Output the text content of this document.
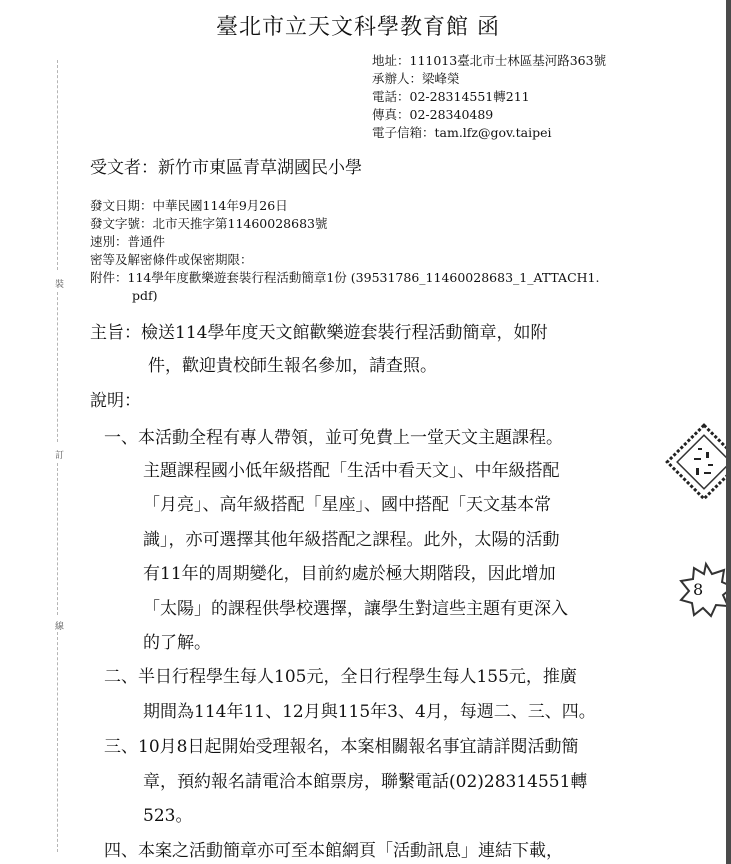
臺北市立天文科學教育館 函
地址：111013臺北市士林區基河路363號
承辦人：梁峰榮
電話：02-28314551轉211
傳真：02-28340489
電子信箱：tam.lfz@gov.taipei
受文者：新竹市東區青草湖國民小學
發文日期：中華民國114年9月26日
發文字號：北市天推字第11460028683號
速別：普通件
密等及解密條件或保密期限：
附件：114學年度歡樂遊套裝行程活動簡章1份 (39531786_11460028683_1_ATTACH1.
pdf)
主旨：檢送114學年度天文館歡樂遊套裝行程活動簡章，如附
件，歡迎貴校師生報名參加，請查照。
說明：
一、本活動全程有專人帶領，並可免費上一堂天文主題課程。
主題課程國小低年級搭配「生活中看天文」、中年級搭配
「月亮」、高年級搭配「星座」、國中搭配「天文基本常
識」，亦可選擇其他年級搭配之課程。此外，太陽的活動
有11年的周期變化，目前約處於極大期階段，因此增加
「太陽」的課程供學校選擇，讓學生對這些主題有更深入
的了解。
二、半日行程學生每人105元，全日行程學生每人155元，推廣
期間為114年11、12月與115年3、4月，每週二、三、四。
三、10月8日起開始受理報名，本案相關報名事宜請詳閱活動簡
章，預約報名請電洽本館票房，聯繫電話(02)28314551轉
523。
四、本案之活動簡章亦可至本館網頁「活動訊息」連結下載，
裝
訂
線
8
